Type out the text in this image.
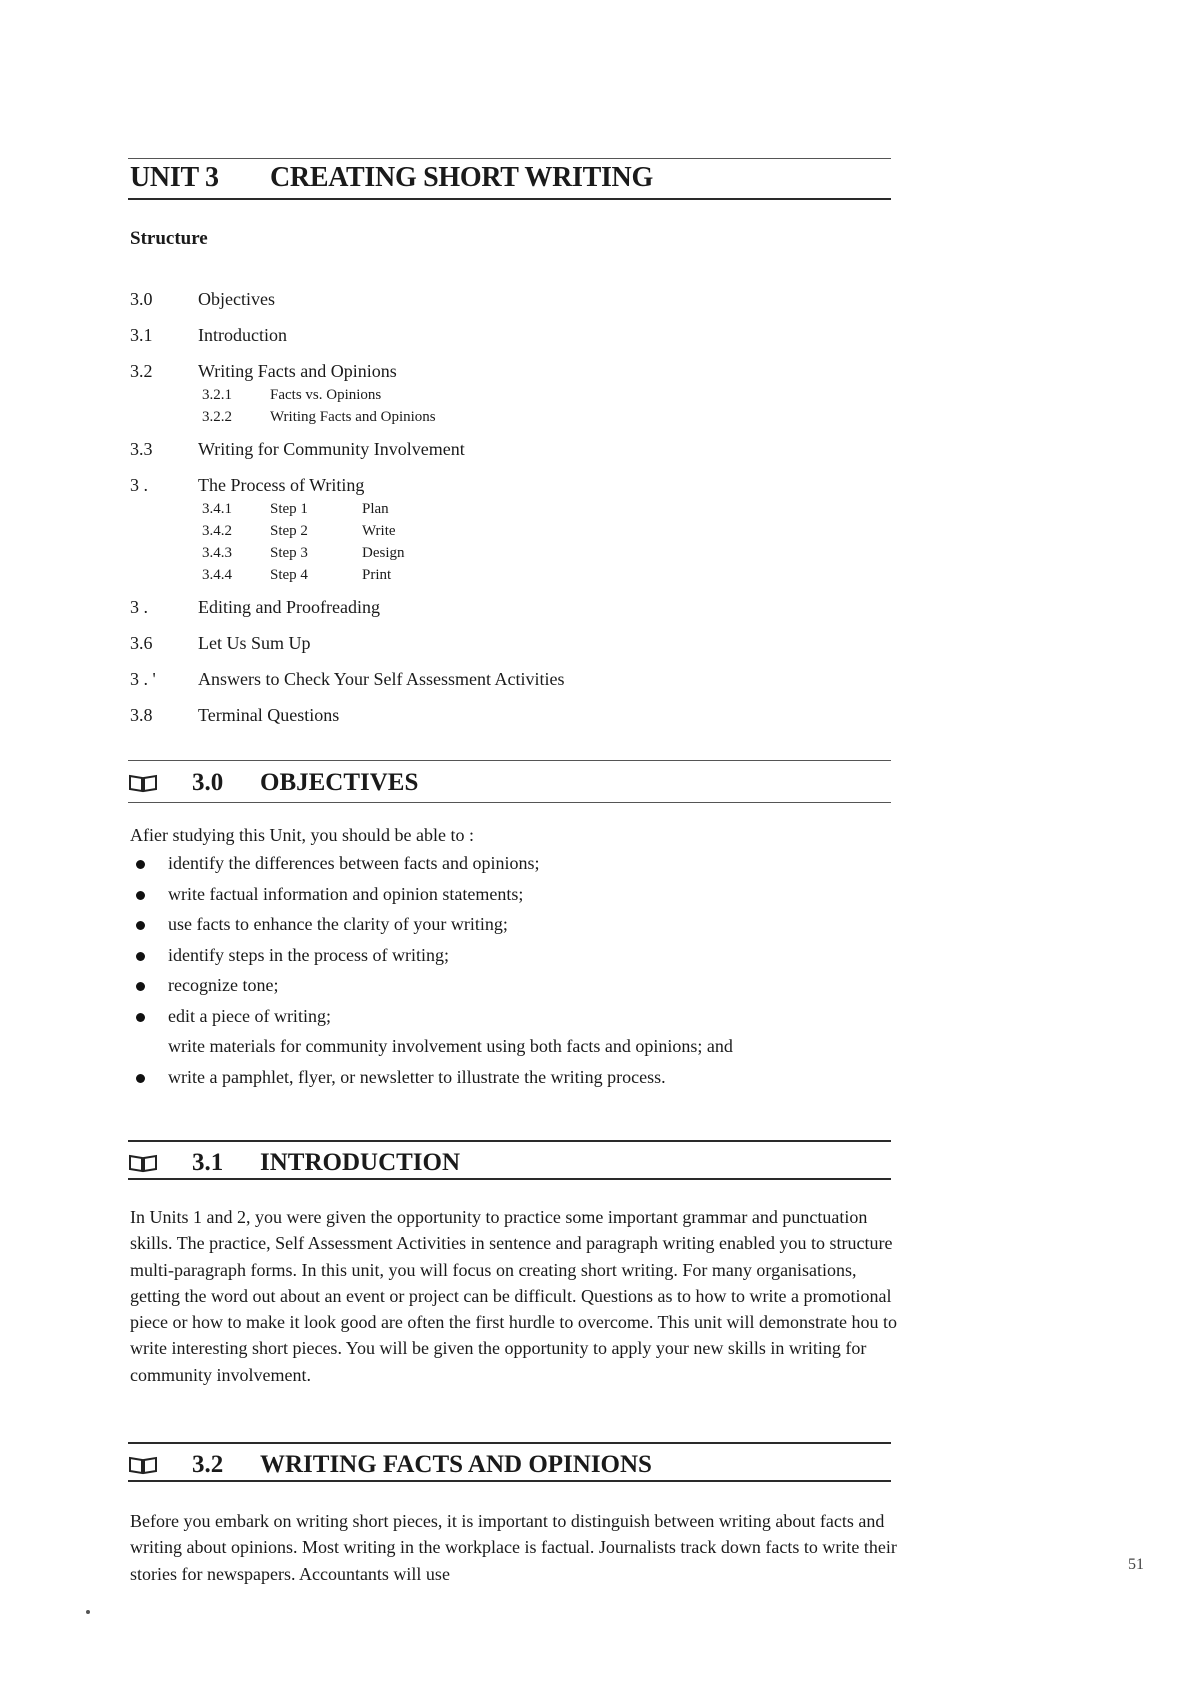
UNIT 3 CREATING SHORT WRITING
Structure
3.0	Objectives
3.1	Introduction
3.2	Writing Facts and Opinions
3.2.1	Facts vs. Opinions
3.2.2	Writing Facts and Opinions
3.3	Writing for Community Involvement
3 .	The Process of Writing
3.4.1	Step 1	Plan
3.4.2	Step 2	Write
3.4.3	Step 3	Design
3.4.4	Step 4	Print
3 .	Editing and Proofreading
3.6	Let Us Sum Up
3 . '	Answers to Check Your Self Assessment Activities
3.8	Terminal Questions
3.0	OBJECTIVES
Afier studying this Unit, you should be able to :
identify the differences between facts and opinions;
write factual information and opinion statements;
use facts to enhance the clarity of your writing;
identify steps in the process of writing;
recognize tone;
edit a piece of writing;
write materials for community involvement using both facts and opinions; and
write a pamphlet, flyer, or newsletter to illustrate the writing process.
3.1	INTRODUCTION
In Units 1 and 2, you were given the opportunity to practice some important grammar and punctuation skills. The practice, Self Assessment Activities in sentence and paragraph writing enabled you to structure multi-paragraph forms. In this unit, you will focus on creating short writing. For many organisations, getting the word out about an event or project can be difficult. Questions as to how to write a promotional piece or how to make it look good are often the first hurdle to overcome. This unit will demonstrate hou to write interesting short pieces. You will be given the opportunity to apply your new skills in writing for community involvement.
3.2	WRITING FACTS AND OPINIONS
Before you embark on writing short pieces, it is important to distinguish between writing about facts and writing about opinions. Most writing in the workplace is factual. Journalists track down facts to write their stories for newspapers. Accountants will use	51
